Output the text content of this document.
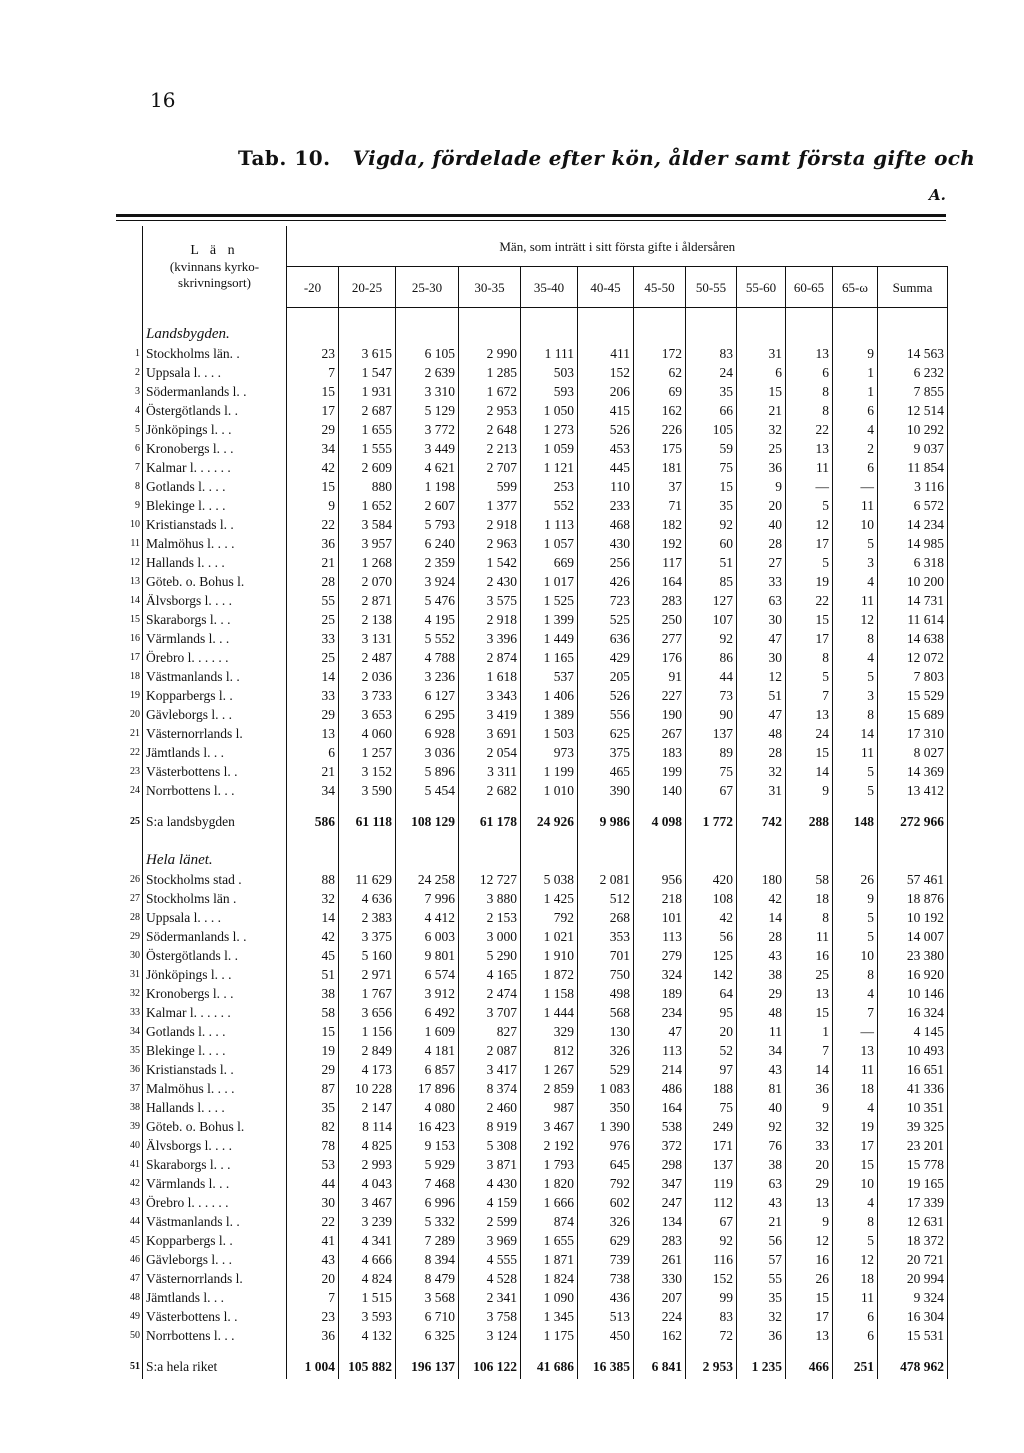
16
Tab. 10. Vigda, fördelade efter kön, ålder samt första gifte och
A.

	L ä n
(kvinnans kyrko- skrivningsort)	Män, som inträtt i sitt första gifte i åldersåren											
		-20	20-25	25-30	30-35	35-40	40-45	45-50	50-55	55-60	60-65	65-ω	Summa
	Landsbygden.												
1	Stockholms län. .	23	3 615	6 105	2 990	1 111	411	172	83	31	13	9	14 563
2	Uppsala l. . . .	7	1 547	2 639	1 285	503	152	62	24	6	6	1	6 232
3	Södermanlands l. .	15	1 931	3 310	1 672	593	206	69	35	15	8	1	7 855
4	Östergötlands l. .	17	2 687	5 129	2 953	1 050	415	162	66	21	8	6	12 514
5	Jönköpings l. . .	29	1 655	3 772	2 648	1 273	526	226	105	32	22	4	10 292
6	Kronobergs l. . .	34	1 555	3 449	2 213	1 059	453	175	59	25	13	2	9 037
7	Kalmar l. . . . . .	42	2 609	4 621	2 707	1 121	445	181	75	36	11	6	11 854
8	Gotlands l. . . .	15	880	1 198	599	253	110	37	15	9	—	—	3 116
9	Blekinge l. . . .	9	1 652	2 607	1 377	552	233	71	35	20	5	11	6 572
10	Kristianstads l. .	22	3 584	5 793	2 918	1 113	468	182	92	40	12	10	14 234
11	Malmöhus l. . . .	36	3 957	6 240	2 963	1 057	430	192	60	28	17	5	14 985
12	Hallands l. . . .	21	1 268	2 359	1 542	669	256	117	51	27	5	3	6 318
13	Göteb. o. Bohus l.	28	2 070	3 924	2 430	1 017	426	164	85	33	19	4	10 200
14	Älvsborgs l. . . .	55	2 871	5 476	3 575	1 525	723	283	127	63	22	11	14 731
15	Skaraborgs l. . .	25	2 138	4 195	2 918	1 399	525	250	107	30	15	12	11 614
16	Värmlands l. . .	33	3 131	5 552	3 396	1 449	636	277	92	47	17	8	14 638
17	Örebro l. . . . . .	25	2 487	4 788	2 874	1 165	429	176	86	30	8	4	12 072
18	Västmanlands l. .	14	2 036	3 236	1 618	537	205	91	44	12	5	5	7 803
19	Kopparbergs l. .	33	3 733	6 127	3 343	1 406	526	227	73	51	7	3	15 529
20	Gävleborgs l. . .	29	3 653	6 295	3 419	1 389	556	190	90	47	13	8	15 689
21	Västernorrlands l.	13	4 060	6 928	3 691	1 503	625	267	137	48	24	14	17 310
22	Jämtlands l. . .	6	1 257	3 036	2 054	973	375	183	89	28	15	11	8 027
23	Västerbottens l. .	21	3 152	5 896	3 311	1 199	465	199	75	32	14	5	14 369
24	Norrbottens l. . .	34	3 590	5 454	2 682	1 010	390	140	67	31	9	5	13 412

25	S:a landsbygden	586	61 118	108 129	61 178	24 926	9 986	4 098	1 772	742	288	148	272 966
	Hela länet.												
26	Stockholms stad .	88	11 629	24 258	12 727	5 038	2 081	956	420	180	58	26	57 461
27	Stockholms län .	32	4 636	7 996	3 880	1 425	512	218	108	42	18	9	18 876
28	Uppsala l. . . .	14	2 383	4 412	2 153	792	268	101	42	14	8	5	10 192
29	Södermanlands l. .	42	3 375	6 003	3 000	1 021	353	113	56	28	11	5	14 007
30	Östergötlands l. .	45	5 160	9 801	5 290	1 910	701	279	125	43	16	10	23 380
31	Jönköpings l. . .	51	2 971	6 574	4 165	1 872	750	324	142	38	25	8	16 920
32	Kronobergs l. . .	38	1 767	3 912	2 474	1 158	498	189	64	29	13	4	10 146
33	Kalmar l. . . . . .	58	3 656	6 492	3 707	1 444	568	234	95	48	15	7	16 324
34	Gotlands l. . . .	15	1 156	1 609	827	329	130	47	20	11	1	—	4 145
35	Blekinge l. . . .	19	2 849	4 181	2 087	812	326	113	52	34	7	13	10 493
36	Kristianstads l. .	29	4 173	6 857	3 417	1 267	529	214	97	43	14	11	16 651
37	Malmöhus l. . . .	87	10 228	17 896	8 374	2 859	1 083	486	188	81	36	18	41 336
38	Hallands l. . . .	35	2 147	4 080	2 460	987	350	164	75	40	9	4	10 351
39	Göteb. o. Bohus l.	82	8 114	16 423	8 919	3 467	1 390	538	249	92	32	19	39 325
40	Älvsborgs l. . . .	78	4 825	9 153	5 308	2 192	976	372	171	76	33	17	23 201
41	Skaraborgs l. . .	53	2 993	5 929	3 871	1 793	645	298	137	38	20	15	15 778
42	Värmlands l. . .	44	4 043	7 468	4 430	1 820	792	347	119	63	29	10	19 165
43	Örebro l. . . . . .	30	3 467	6 996	4 159	1 666	602	247	112	43	13	4	17 339
44	Västmanlands l. .	22	3 239	5 332	2 599	874	326	134	67	21	9	8	12 631
45	Kopparbergs l. .	41	4 341	7 289	3 969	1 655	629	283	92	56	12	5	18 372
46	Gävleborgs l. . .	43	4 666	8 394	4 555	1 871	739	261	116	57	16	12	20 721
47	Västernorrlands l.	20	4 824	8 479	4 528	1 824	738	330	152	55	26	18	20 994
48	Jämtlands l. . .	7	1 515	3 568	2 341	1 090	436	207	99	35	15	11	9 324
49	Västerbottens l. .	23	3 593	6 710	3 758	1 345	513	224	83	32	17	6	16 304
50	Norrbottens l. . .	36	4 132	6 325	3 124	1 175	450	162	72	36	13	6	15 531

51	S:a hela riket	1 004	105 882	196 137	106 122	41 686	16 385	6 841	2 953	1 235	466	251	478 962
